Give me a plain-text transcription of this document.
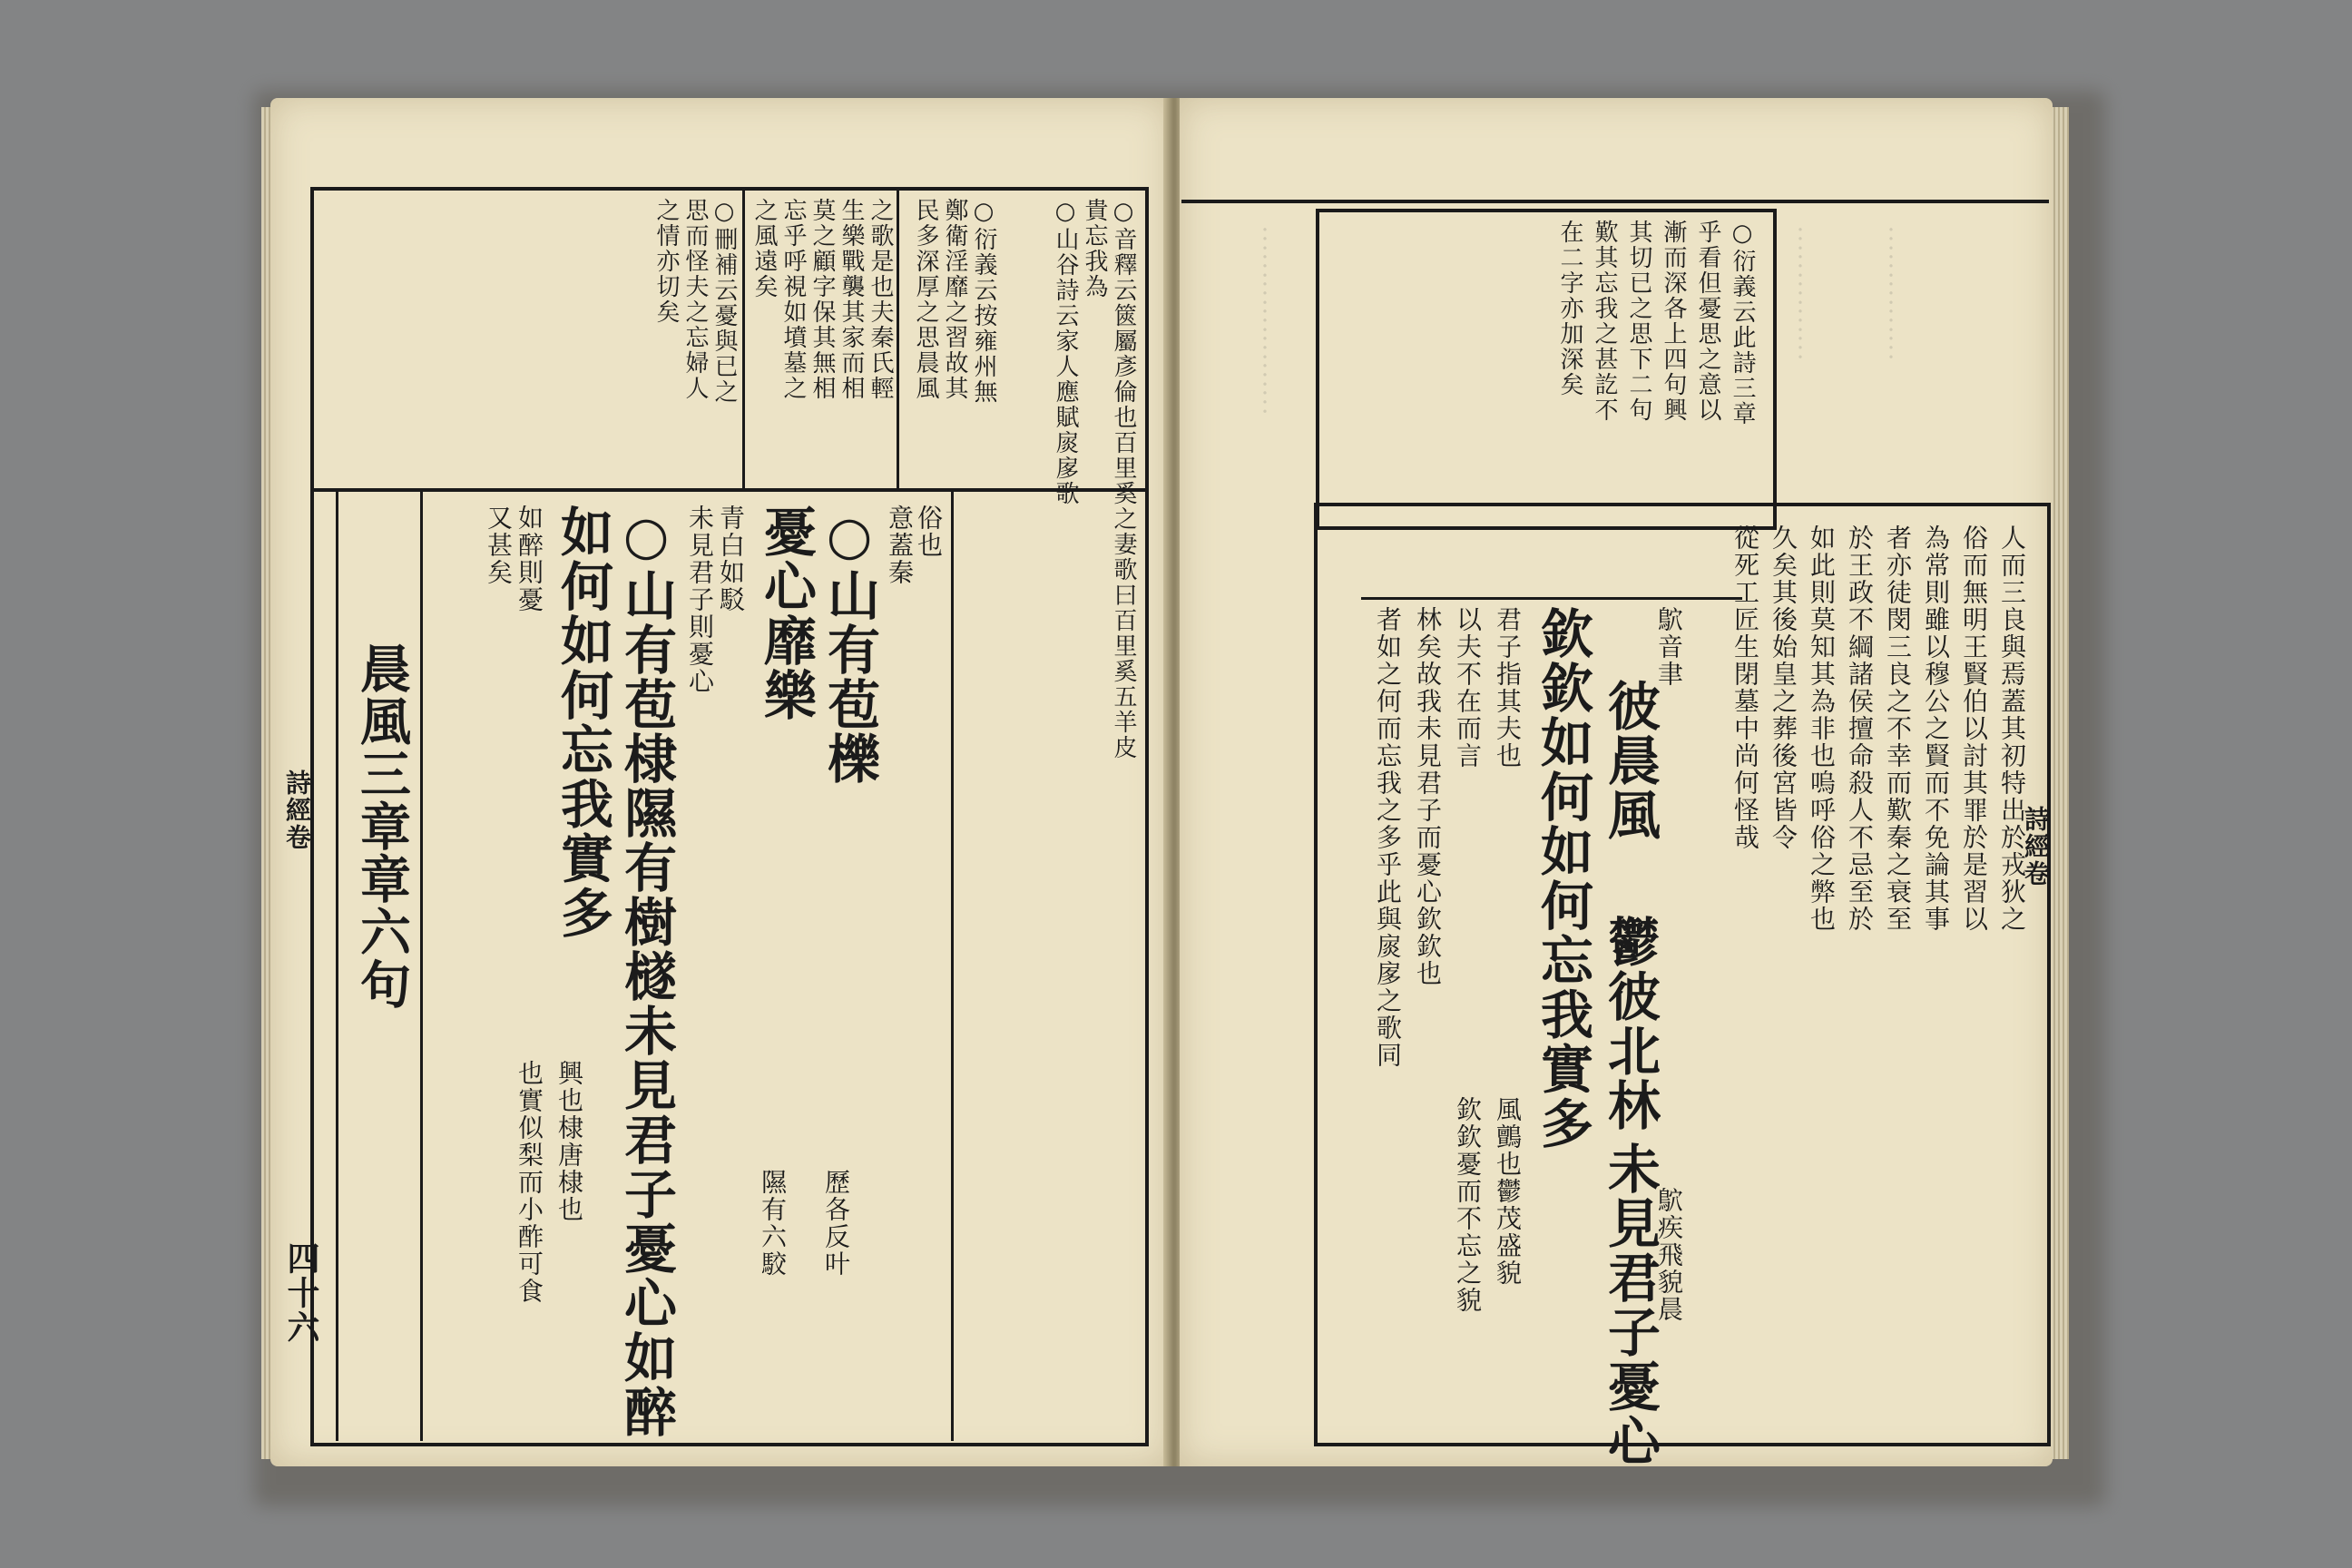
○音釋云篋屬彥倫也百里奚之妻歌曰百里奚五羊皮
貴忘我為
○山谷詩云家人應賦扊扅歌
○衍義云按雍州無
鄭衛淫靡之習故其
民多深厚之思晨風
之歌是也夫秦氏輕
生樂戰襲其家而相
莫之顧字保其無相
忘乎呼視如墳墓之
之風遠矣
○刪補云憂與已之
思而怪夫之忘婦人
之情亦切矣
俗也
意蓋秦
○山有苞櫟
憂心靡樂
青白如駁
未見君子則憂心
○山有苞棣隰有樹檖未見君子憂心如醉
如何如何忘我實多
如醉則憂
又甚矣
歷各反叶
隰有六駮
興也棣唐棣也
也實似梨而小酢可食
晨風三章章六句
詩經卷
四十六
︙︙︙︙︙︙︙	︙︙︙︙︙ ︙︙︙︙︙
○衍義云此詩三章
乎看但憂思之意以
漸而深各上四句興
其切已之思下二句
歎其忘我之甚訖不
在二字亦加深矣
人而三良與焉蓋其初特出於戎狄之
俗而無明王賢伯以討其罪於是習以
為常則雖以穆公之賢而不免論其事
者亦徒閔三良之不幸而歎秦之衰至
於王政不綱諸侯擅命殺人不忌至於
如此則莫知其為非也嗚呼俗之弊也
久矣其後始皇之葬後宮皆令
從死工匠生閉墓中尚何怪哉
鴥音聿
彼晨風
鬱彼北林
未見君子憂心
欽欽如何如何忘我實多
君子指其夫也
以夫不在而言
林矣故我未見君子而憂心欽欽也
者如之何而忘我之多乎此與扊扅之歌同
鴥疾飛貌晨
風鸇也鬱茂盛貌
欽欽憂而不忘之貌
詩經卷
